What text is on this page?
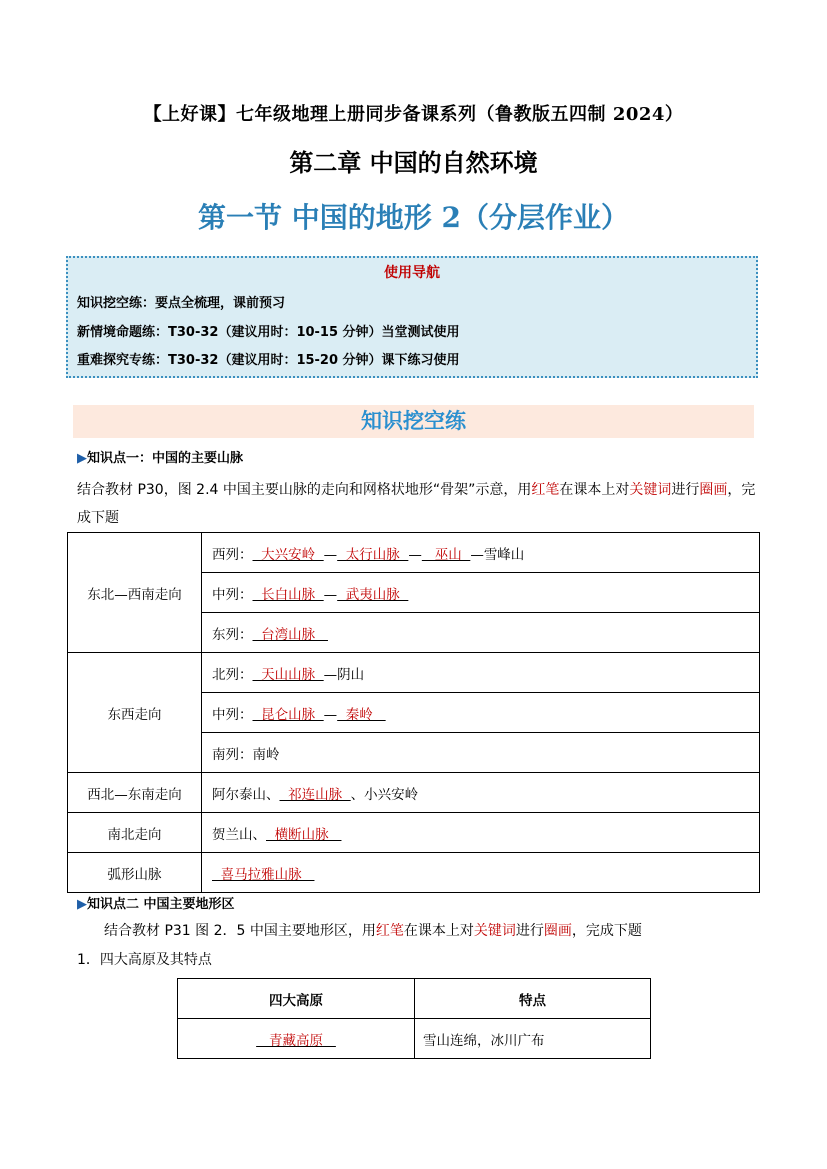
【上好课】七年级地理上册同步备课系列（鲁教版五四制 2024）
第二章 中国的自然环境
第一节 中国的地形 2（分层作业）
使用导航
知识挖空练：要点全梳理，课前预习
新情境命题练：T30-32（建议用时：10-15 分钟）当堂测试使用
重难探究专练：T30-32（建议用时：15-20 分钟）课下练习使用
知识挖空练
▶知识点一：中国的主要山脉
结合教材 P30，图 2.4 中国主要山脉的走向和网格状地形“骨架”示意，用红笔在课本上对关键词进行圈画，完成下题
东北—西南走向	西列：  大兴安岭  —  太行山脉  —   巫山  —雪峰山
	中列：  长白山脉  —  武夷山脉
	东列：  台湾山脉
东西走向	北列：  天山山脉  —阴山
	中列：  昆仑山脉  —  秦岭
	南列：南岭
西北—东南走向	阿尔泰山、  祁连山脉  、小兴安岭
南北走向	贺兰山、  横断山脉
弧形山脉	喜马拉雅山脉
▶知识点二 中国主要地形区
结合教材 P31 图 2．5 中国主要地形区，用红笔在课本上对关键词进行圈画，完成下题
1．四大高原及其特点
四大高原	特点
青藏高原	雪山连绵，冰川广布
